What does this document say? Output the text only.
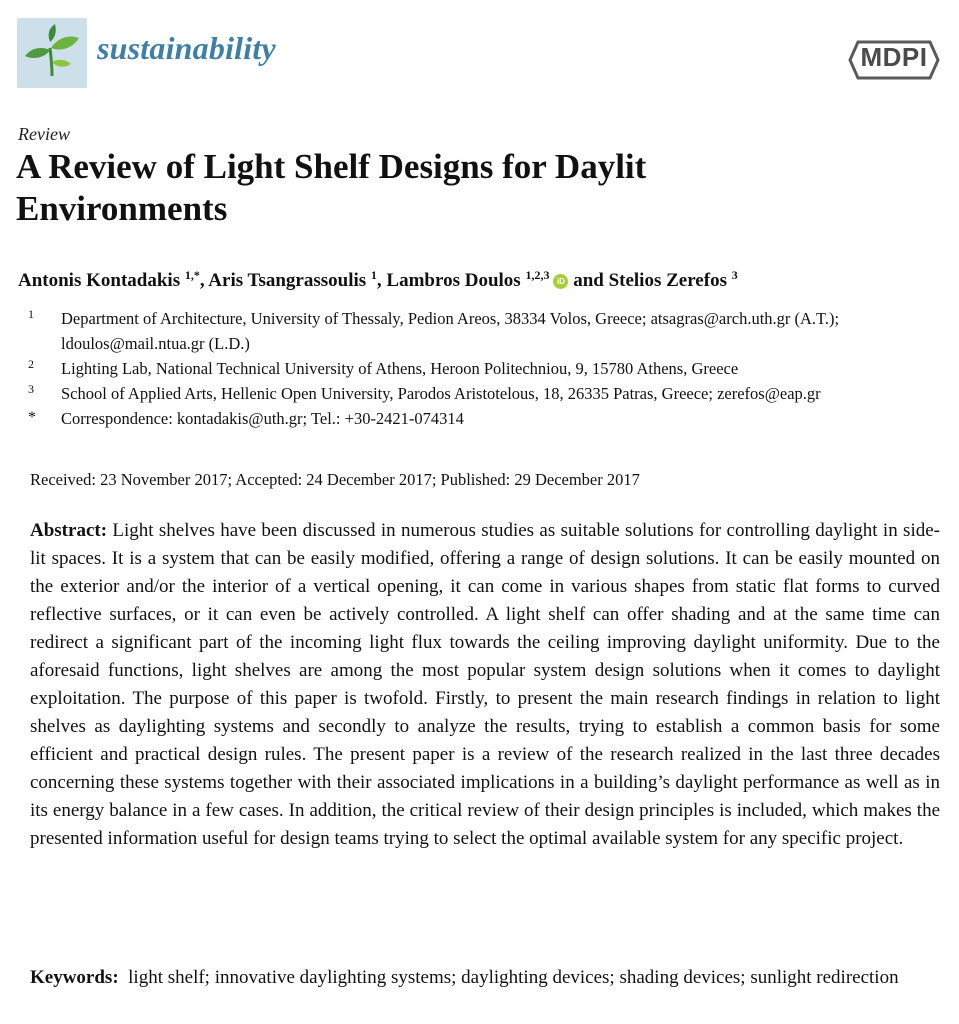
sustainability	MDPI
Review
A Review of Light Shelf Designs for Daylit Environments
Antonis Kontadakis $^{1,*}$, Aris Tsangrassoulis $^1$, Lambros Doulos $^{1,2,3}$ iD and Stelios Zerefos $^3$
1 Department of Architecture, University of Thessaly, Pedion Areos, 38334 Volos, Greece; atsagras@arch.uth.gr (A.T.); ldoulos@mail.ntua.gr (L.D.)
2 Lighting Lab, National Technical University of Athens, Heroon Politechniou, 9, 15780 Athens, Greece
3 School of Applied Arts, Hellenic Open University, Parodos Aristotelous, 18, 26335 Patras, Greece; zerefos@eap.gr
* Correspondence: kontadakis@uth.gr; Tel.: +30-2421-074314
Received: 23 November 2017; Accepted: 24 December 2017; Published: 29 December 2017

Abstract: Light shelves have been discussed in numerous studies as suitable solutions for controlling daylight in side-lit spaces. It is a system that can be easily modified, offering a range of design solutions. It can be easily mounted on the exterior and/or the interior of a vertical opening, it can come in various shapes from static flat forms to curved reflective surfaces, or it can even be actively controlled. A light shelf can offer shading and at the same time can redirect a significant part of the incoming light flux towards the ceiling improving daylight uniformity. Due to the aforesaid functions, light shelves are among the most popular system design solutions when it comes to daylight exploitation. The purpose of this paper is twofold. Firstly, to present the main research findings in relation to light shelves as daylighting systems and secondly to analyze the results, trying to establish a common basis for some efficient and practical design rules. The present paper is a review of the research realized in the last three decades concerning these systems together with their associated implications in a building’s daylight performance as well as in its energy balance in a few cases. In addition, the critical review of their design principles is included, which makes the presented information useful for design teams trying to select the optimal available system for any specific project.

Keywords: light shelf; innovative daylighting systems; daylighting devices; shading devices; sunlight redirection
